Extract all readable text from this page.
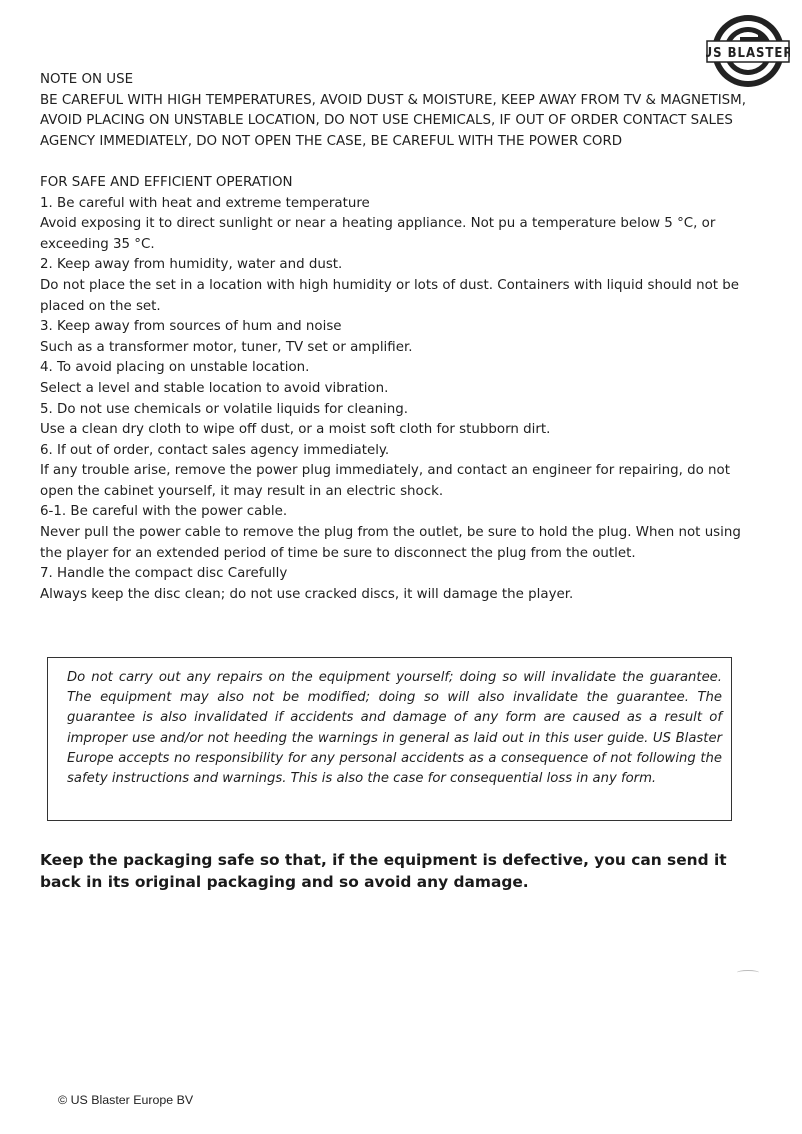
US BLASTER

NOTE ON USE

BE CAREFUL WITH HIGH TEMPERATURES, AVOID DUST & MOISTURE, KEEP AWAY FROM TV & MAGNETISM, AVOID PLACING ON UNSTABLE LOCATION, DO NOT USE CHEMICALS, IF OUT OF ORDER CONTACT SALES AGENCY IMMEDIATELY, DO NOT OPEN THE CASE, BE CAREFUL WITH THE POWER CORD

FOR SAFE AND EFFICIENT OPERATION

1. Be careful with heat and extreme temperature

Avoid exposing it to direct sunlight or near a heating appliance. Not pu a temperature below 5 °C, or exceeding 35 °C.

2. Keep away from humidity, water and dust.

Do not place the set in a location with high humidity or lots of dust. Containers with liquid should not be placed on the set.

3. Keep away from sources of hum and noise

Such as a transformer motor, tuner, TV set or amplifier.

4. To avoid placing on unstable location.

Select a level and stable location to avoid vibration.

5. Do not use chemicals or volatile liquids for cleaning.

Use a clean dry cloth to wipe off dust, or a moist soft cloth for stubborn dirt.

6. If out of order, contact sales agency immediately.

If any trouble arise, remove the power plug immediately, and contact an engineer for repairing, do not open the cabinet yourself, it may result in an electric shock.

6-1. Be careful with the power cable.

Never pull the power cable to remove the plug from the outlet, be sure to hold the plug. When not using the player for an extended period of time be sure to disconnect the plug from the outlet.

7. Handle the compact disc Carefully

Always keep the disc clean; do not use cracked discs, it will damage the player.

Do not carry out any repairs on the equipment yourself; doing so will invalidate the guarantee. The equipment may also not be modified; doing so will also invalidate the guarantee. The guarantee is also invalidated if accidents and damage of any form are caused as a result of improper use and/or not heeding the warnings in general as laid out in this user guide. US Blaster Europe accepts no responsibility for any personal accidents as a consequence of not following the safety instructions and warnings. This is also the case for consequential loss in any form.

Keep the packaging safe so that, if the equipment is defective, you can send it back in its original packaging and so avoid any damage.
© US Blaster Europe BV
